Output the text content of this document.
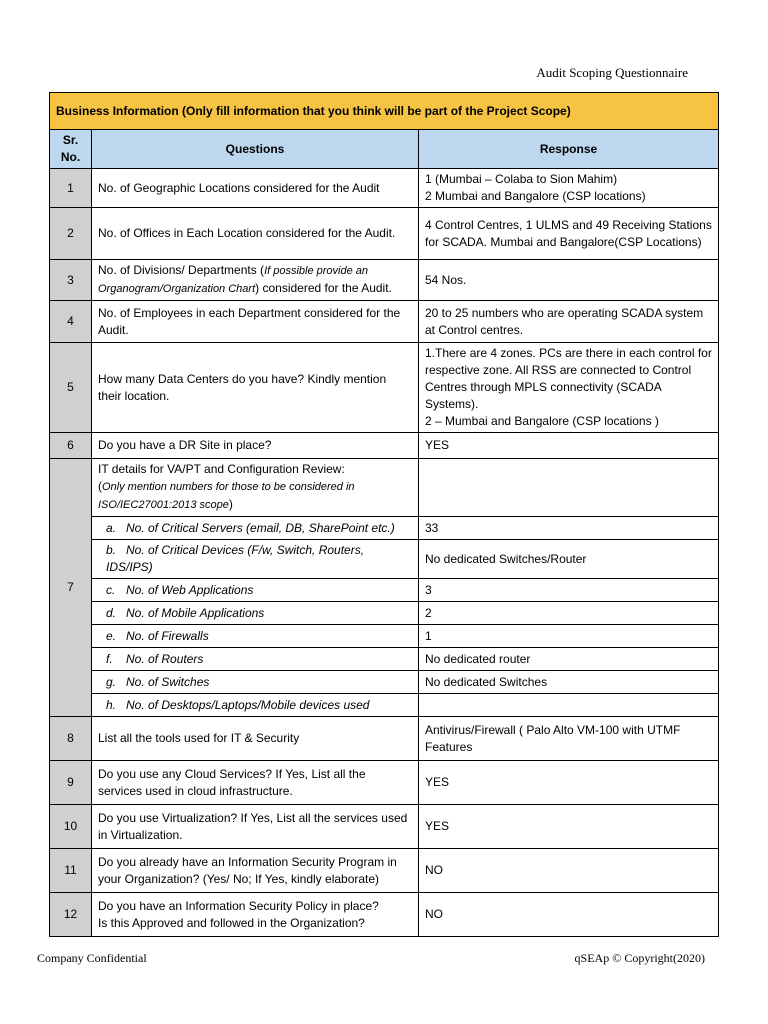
Audit Scoping Questionnaire
Business Information (Only fill information that you think will be part of the Project Scope)		
Sr. No.	Questions	Response
1	No. of Geographic Locations considered for the Audit	1 (Mumbai – Colaba to Sion Mahim)
2 Mumbai and Bangalore (CSP locations)

2	No. of Offices in Each Location considered for the Audit.	4 Control Centres, 1 ULMS and 49 Receiving Stations for SCADA. Mumbai and Bangalore(CSP Locations)
3	No. of Divisions/ Departments (If possible provide an Organogram/Organization Chart) considered for the Audit.	54 Nos.
4	No. of Employees in each Department considered for the Audit.	20 to 25 numbers who are operating SCADA system at Control centres.
5	How many Data Centers do you have? Kindly mention their location.	1.There are 4 zones. PCs are there in each control for respective zone. All RSS are connected to Control Centres through MPLS connectivity (SCADA Systems).
2 – Mumbai and Bangalore (CSP locations )

6	Do you have a DR Site in place?	YES
7	IT details for VA/PT and Configuration Review:
(Only mention numbers for those to be considered in ISO/IEC27001:2013 scope)	

	a. No. of Critical Servers (email, DB, SharePoint etc.)	33
	b. No. of Critical Devices (F/w, Switch, Routers, IDS/IPS)	No dedicated Switches/Router
	c. No. of Web Applications	3
	d. No. of Mobile Applications	2
	e. No. of Firewalls	1
	f. No. of Routers	No dedicated router
	g. No. of Switches	No dedicated Switches
	h. No. of Desktops/Laptops/Mobile devices used	
8	List all the tools used for IT & Security	Antivirus/Firewall ( Palo Alto VM-100 with UTMF Features
9	Do you use any Cloud Services? If Yes, List all the services used in cloud infrastructure.	YES
10	Do you use Virtualization? If Yes, List all the services used in Virtualization.	YES
11	Do you already have an Information Security Program in your Organization? (Yes/ No; If Yes, kindly elaborate)	NO
12	Do you have an Information Security Policy in place?
Is this Approved and followed in the Organization?	NO
Company Confidential	qSEAp © Copyright(2020)
